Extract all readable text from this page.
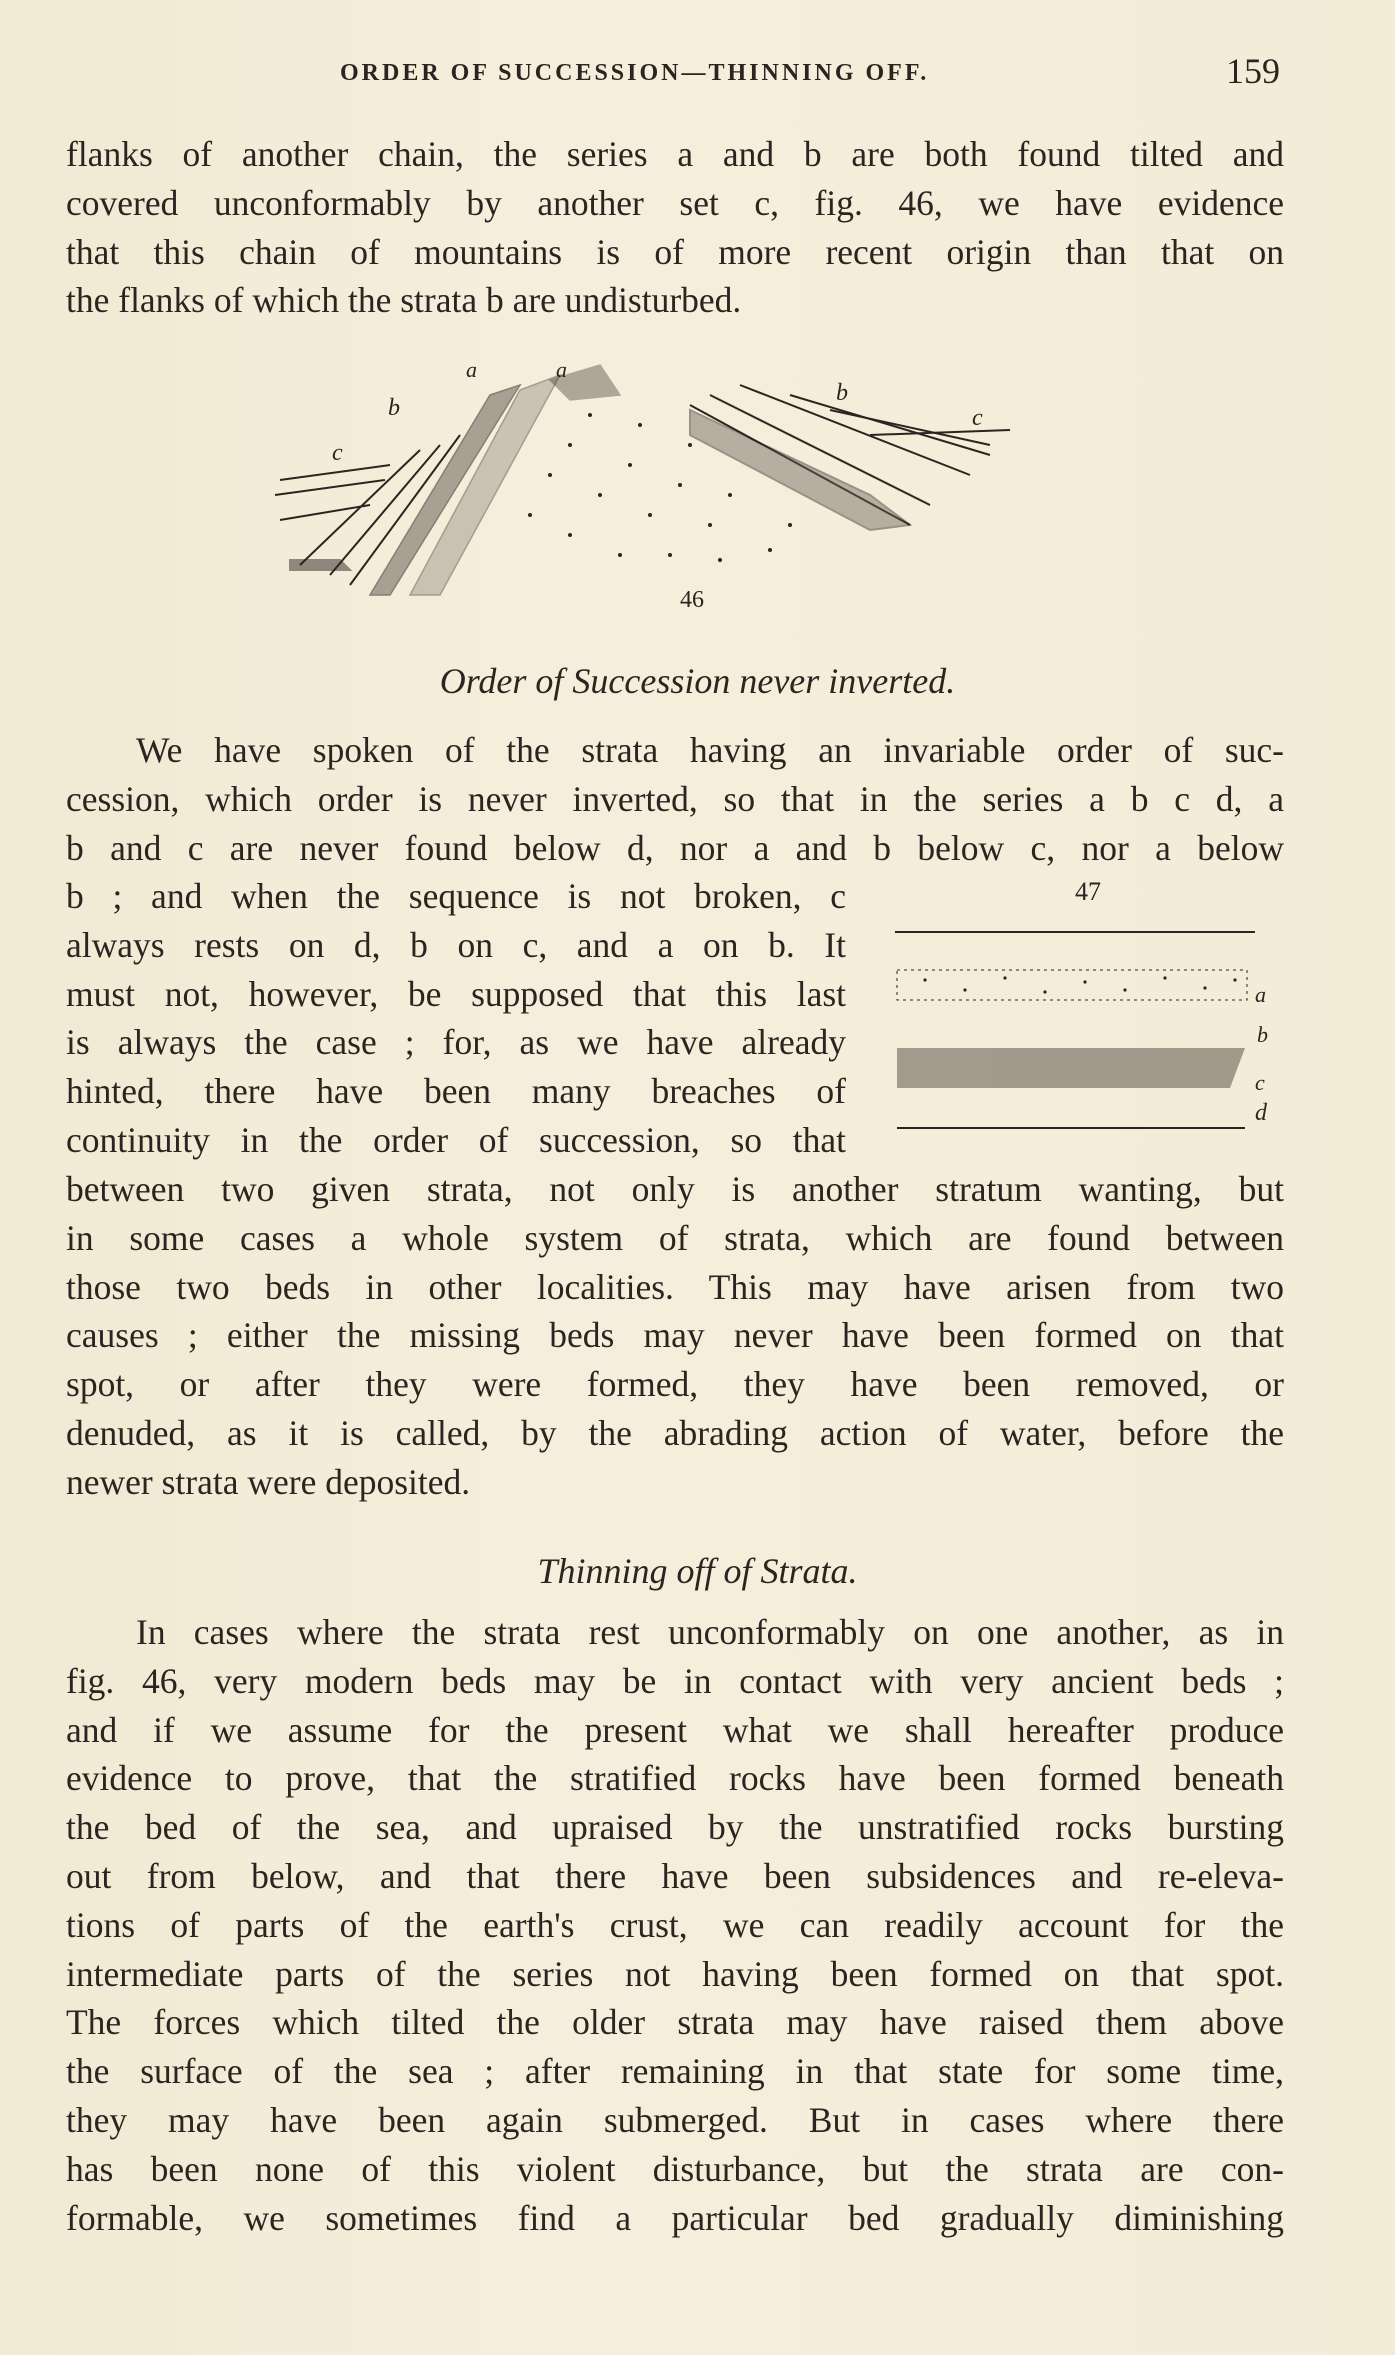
ORDER OF SUCCESSION—THINNING OFF.	159

flanks of another chain, the series a and b are both found tilted and

covered unconformably by another set c, fig. 46, we have evidence

that this chain of mountains is of more recent origin than that on

the flanks of which the strata b are undisturbed.

b
c
a	a
b
c
46
Order of Succession never inverted.

We have spoken of the strata having an invariable order of suc-

cession, which order is never inverted, so that in the series a b c d, a

b and c are never found below d, nor a and b below c, nor a below

b ; and when the sequence is not broken, c

always rests on d, b on c, and a on b. It

must not, however, be supposed that this last

is always the case ; for, as we have already

hinted, there have been many breaches of

continuity in the order of succession, so that

47
a
b
c
d

between two given strata, not only is another stratum wanting, but

in some cases a whole system of strata, which are found between

those two beds in other localities. This may have arisen from two

causes ; either the missing beds may never have been formed on that

spot, or after they were formed, they have been removed, or

denuded, as it is called, by the abrading action of water, before the

newer strata were deposited.

Thinning off of Strata.

In cases where the strata rest unconformably on one another, as in

fig. 46, very modern beds may be in contact with very ancient beds ;

and if we assume for the present what we shall hereafter produce

evidence to prove, that the stratified rocks have been formed beneath

the bed of the sea, and upraised by the unstratified rocks bursting

out from below, and that there have been subsidences and re-eleva-

tions of parts of the earth's crust, we can readily account for the

intermediate parts of the series not having been formed on that spot.

The forces which tilted the older strata may have raised them above

the surface of the sea ; after remaining in that state for some time,

they may have been again submerged. But in cases where there

has been none of this violent disturbance, but the strata are con-

formable, we sometimes find a particular bed gradually diminishing
